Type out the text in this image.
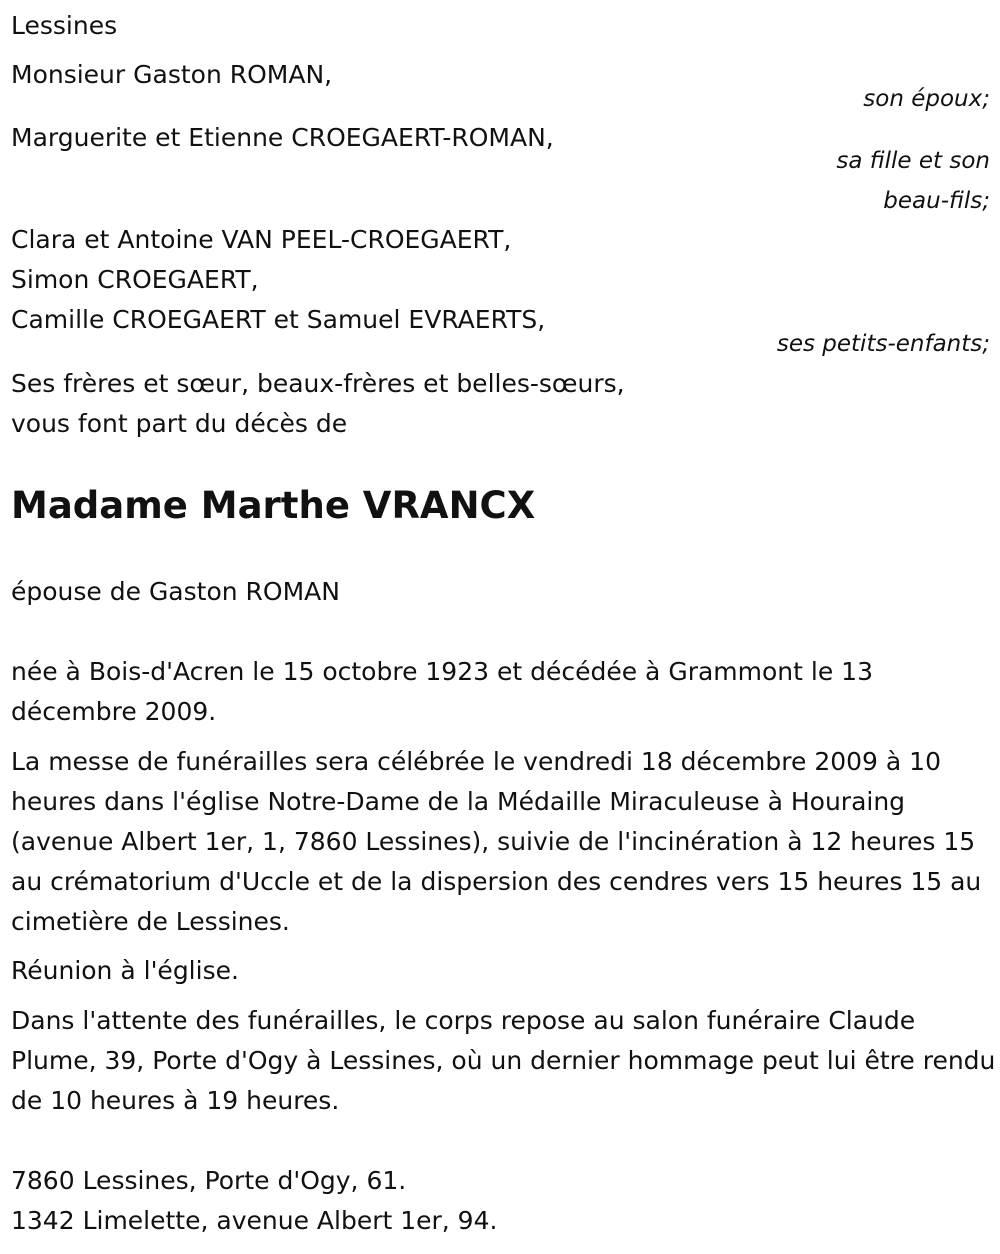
Lessines

Monsieur Gaston ROMAN,

son époux;

Marguerite et Etienne CROEGAERT-ROMAN,

sa fille et son

beau-fils;

Clara et Antoine VAN PEEL-CROEGAERT,

Simon CROEGAERT,

Camille CROEGAERT et Samuel EVRAERTS,

ses petits-enfants;

Ses frères et sœur, beaux-frères et belles-sœurs,

vous font part du décès de

Madame Marthe VRANCX

épouse de Gaston ROMAN

née à Bois-d'Acren le 15 octobre 1923 et décédée à Grammont le 13 décembre 2009.

La messe de funérailles sera célébrée le vendredi 18 décembre 2009 à 10 heures dans l'église Notre-Dame de la Médaille Miraculeuse à Houraing (avenue Albert 1er, 1, 7860 Lessines), suivie de l'incinération à 12 heures 15 au crématorium d'Uccle et de la dispersion des cendres vers 15 heures 15 au cimetière de Lessines.

Réunion à l'église.

Dans l'attente des funérailles, le corps repose au salon funéraire Claude Plume, 39, Porte d'Ogy à Lessines, où un dernier hommage peut lui être rendu de 10 heures à 19 heures.

7860 Lessines, Porte d'Ogy, 61.

1342 Limelette, avenue Albert 1er, 94.
